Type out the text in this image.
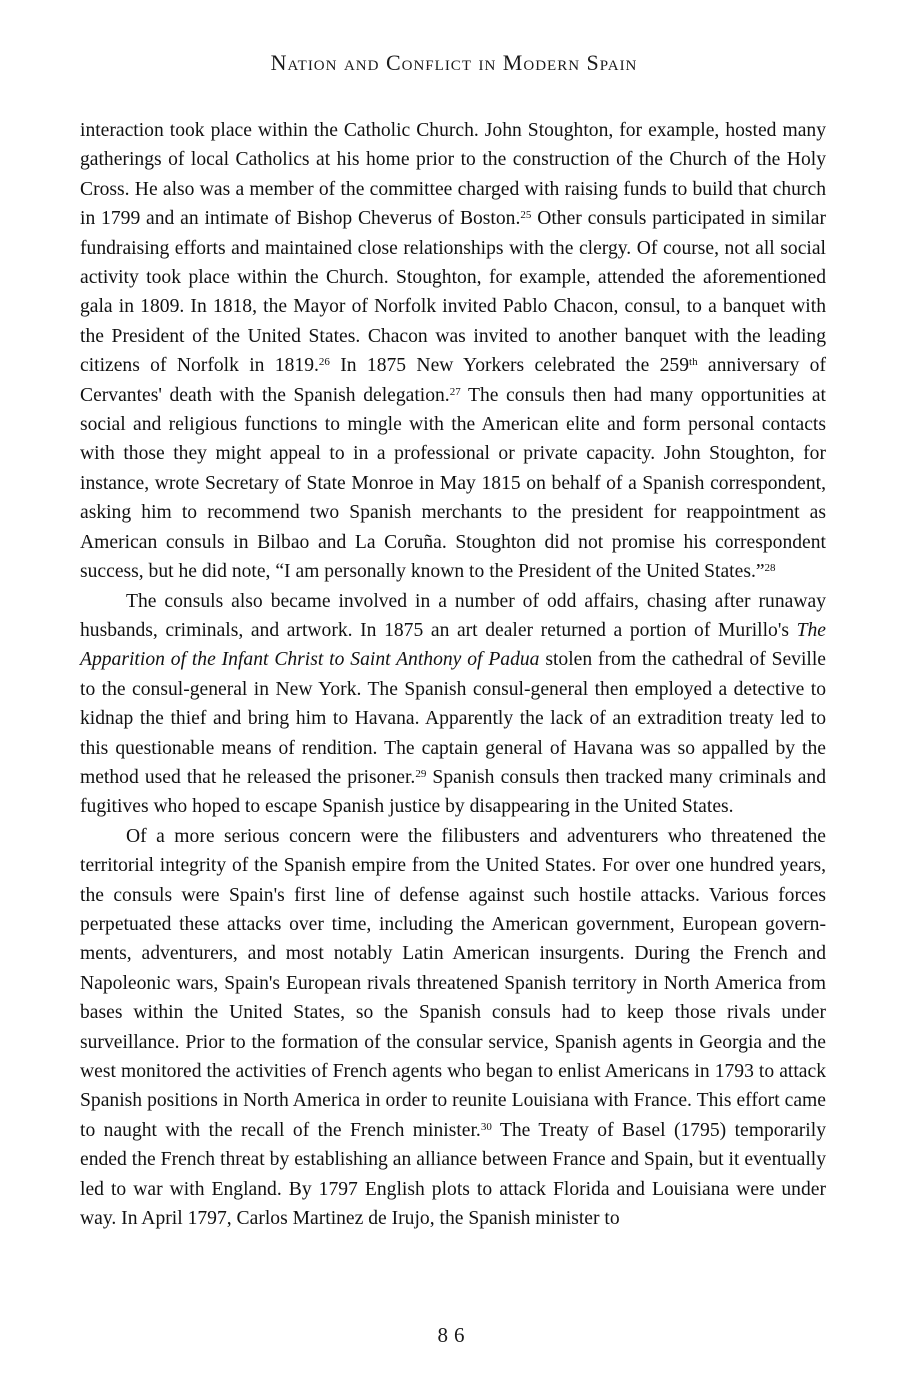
Nation and Conflict in Modern Spain

interaction took place within the Catholic Church. John Stoughton, for example, hosted many gatherings of local Catholics at his home prior to the construction of the Church of the Holy Cross. He also was a member of the committee charged with raising funds to build that church in 1799 and an intimate of Bishop Cheverus of Boston.$^{25}$ Other consuls participated in similar fundraising efforts and maintained close relationships with the clergy. Of course, not all social activity took place within the Church. Stoughton, for example, attended the aforementioned gala in 1809. In 1818, the Mayor of Norfolk invited Pablo Chacon, consul, to a banquet with the President of the United States. Chacon was invited to another banquet with the leading citizens of Norfolk in 1819.26 In 1875 New Yorkers celebrated the 259th anniversary of Cervantes' death with the Spanish delegation.$^{27}$ The consuls then had many opportunities at social and religious functions to mingle with the American elite and form personal contacts with those they might appeal to in a professional or private capacity. John Stoughton, for instance, wrote Secretary of State Monroe in May 1815 on behalf of a Spanish correspondent, asking him to recommend two Spanish merchants to the president for reappointment as American consuls in Bilbao and La Coruña. Stoughton did not promise his correspondent success, but he did note, “I am personally known to the President of the United States.”$^{28}$

The consuls also became involved in a number of odd affairs, chasing after runaway husbands, criminals, and artwork. In 1875 an art dealer returned a portion of Murillo's The Apparition of the Infant Christ to Saint Anthony of Padua stolen from the cathedral of Seville to the consul-general in New York. The Spanish consul-general then employed a detective to kidnap the thief and bring him to Havana. Apparently the lack of an extradition treaty led to this questionable means of rendition. The captain general of Havana was so appalled by the method used that he released the prisoner.$^{29}$ Spanish consuls then tracked many criminals and fugitives who hoped to escape Spanish justice by disappearing in the United States.

Of a more serious concern were the filibusters and adventurers who threatened the territorial integrity of the Spanish empire from the United States. For over one hundred years, the consuls were Spain's first line of defense against such hostile attacks. Various forces perpetuated these attacks over time, including the American government, European governments, adventurers, and most notably Latin American insurgents. During the French and Napoleonic wars, Spain's European rivals threatened Spanish territory in North America from bases within the United States, so the Spanish consuls had to keep those rivals under surveillance. Prior to the formation of the consular service, Spanish agents in Georgia and the west monitored the activities of French agents who began to enlist Americans in 1793 to attack Spanish positions in North America in order to reunite Louisiana with France. This effort came to naught with the recall of the French minister.$^{30}$ The Treaty of Basel (1795) temporarily ended the French threat by establishing an alliance between France and Spain, but it eventually led to war with England. By 1797 English plots to attack Florida and Louisiana were under way. In April 1797, Carlos Martinez de Irujo, the Spanish minister to

86
